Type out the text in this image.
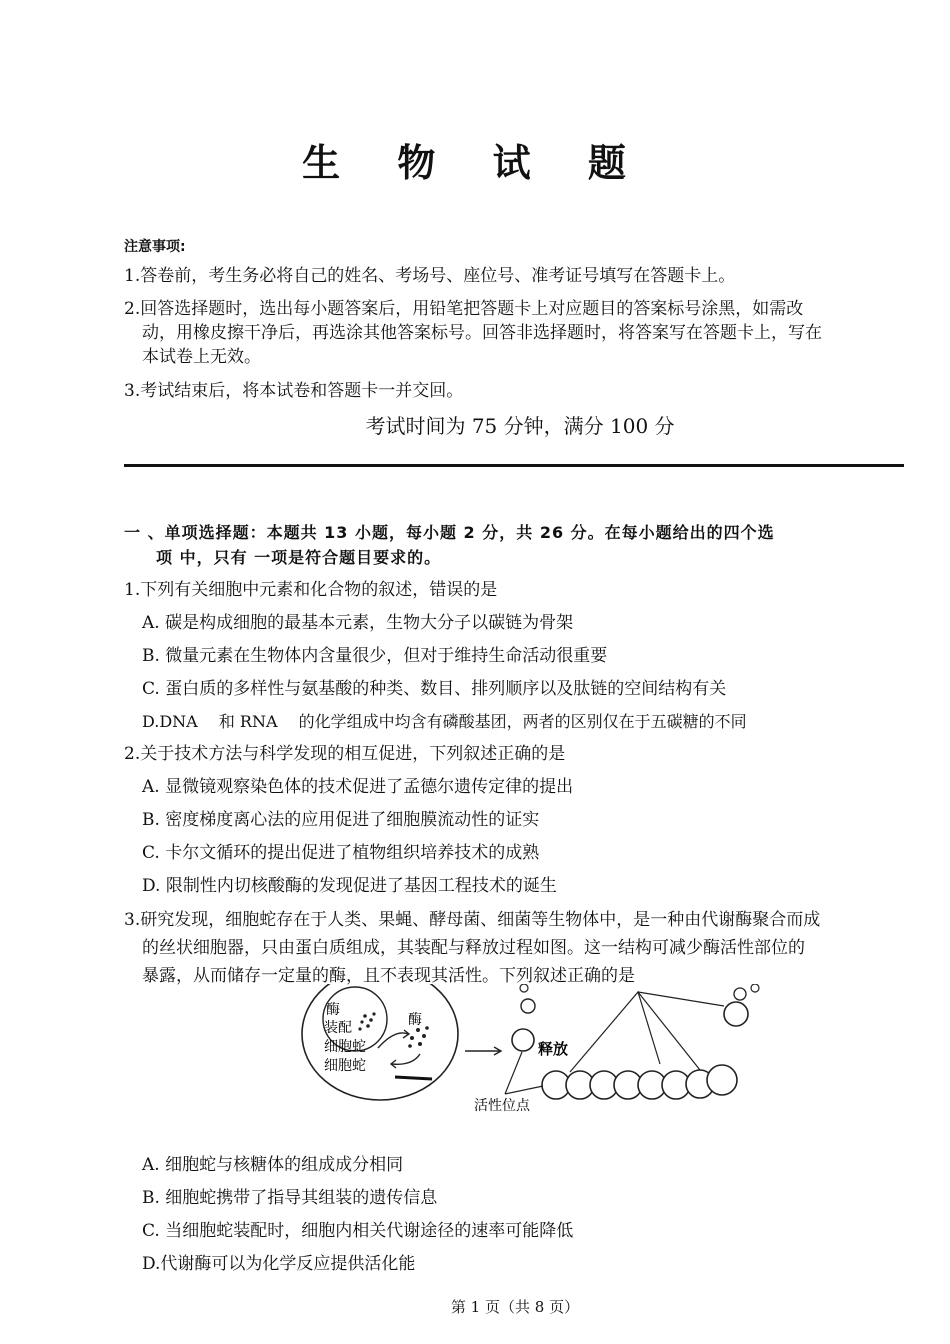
生 物 试 题
注意事项:
1.答卷前，考生务必将自己的姓名、考场号、座位号、准考证号填写在答题卡上。
2.回答选择题时，选出每小题答案后，用铅笔把答题卡上对应题目的答案标号涂黑，如需改
动，用橡皮擦干净后，再选涂其他答案标号。回答非选择题时，将答案写在答题卡上，写在
本试卷上无效。
3.考试结束后，将本试卷和答题卡一并交回。
考试时间为 75 分钟，满分 100 分
一 、单项选择题：本题共 13 小题，每小题 2 分，共 26 分。在每小题给出的四个选
项 中，只有 一项是符合题目要求的。
1.下列有关细胞中元素和化合物的叙述，错误的是
A. 碳是构成细胞的最基本元素，生物大分子以碳链为骨架
B. 微量元素在生物体内含量很少，但对于维持生命活动很重要
C. 蛋白质的多样性与氨基酸的种类、数目、排列顺序以及肽链的空间结构有关
D.DNA　 和 RNA　 的化学组成中均含有磷酸基团，两者的区别仅在于五碳糖的不同
2.关于技术方法与科学发现的相互促进，下列叙述正确的是
A. 显微镜观察染色体的技术促进了孟德尔遗传定律的提出
B. 密度梯度离心法的应用促进了细胞膜流动性的证实
C. 卡尔文循环的提出促进了植物组织培养技术的成熟
D. 限制性内切核酸酶的发现促进了基因工程技术的诞生
3.研究发现，细胞蛇存在于人类、果蝇、酵母菌、细菌等生物体中，是一种由代谢酶聚合而成
的丝状细胞器，只由蛋白质组成，其装配与释放过程如图。这一结构可减少酶活性部位的
暴露，从而储存一定量的酶，且不表现其活性。下列叙述正确的是
酶
装配
细胞蛇
细胞蛇
酶
释放
活性位点
A. 细胞蛇与核糖体的组成成分相同
B. 细胞蛇携带了指导其组装的遗传信息
C. 当细胞蛇装配时，细胞内相关代谢途径的速率可能降低
D.代谢酶可以为化学反应提供活化能
第 1 页（共 8 页）
